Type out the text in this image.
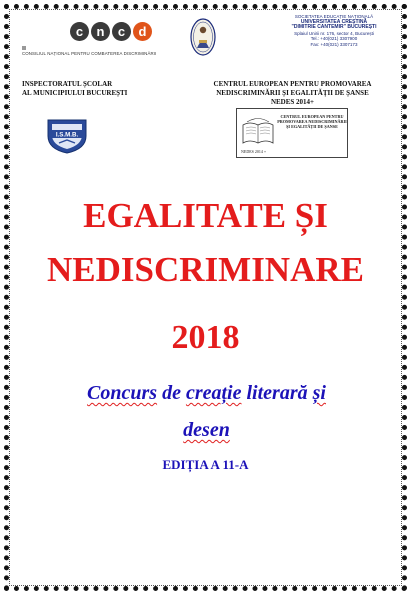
c	n	c	d
CONSILIUL NAȚIONAL PENTRU COMBATEREA DISCRIMINĂRII
SOCIETATEA EDUCAȚIE NAȚIONALĂ
UNIVERSITATEA CREȘTINĂ
"DIMITRIE CANTEMIR" BUCUREȘTI
Splaiul Unirii nr. 176, sector 4, București
Tel.: +40(021) 3307900
Fax: +40(021) 3307173
INSPECTORATUL ȘCOLAR
AL MUNICIPIULUI BUCUREȘTI
CENTRUL EUROPEAN PENTRU PROMOVAREA
NEDISCRIMINĂRII ȘI EGALITĂȚII DE ȘANSE
NEDES 2014+
I.S.M.B.
CENTRUL EUROPEAN PENTRU PROMOVAREA NEDISCRIMINĂRII ȘI EGALITĂȚII DE ȘANSE
NEDES 2014 +
EGALITATE ȘI
NEDISCRIMINARE
2018
Concurs de creație literară și
desen
EDIȚIA A 11-A
